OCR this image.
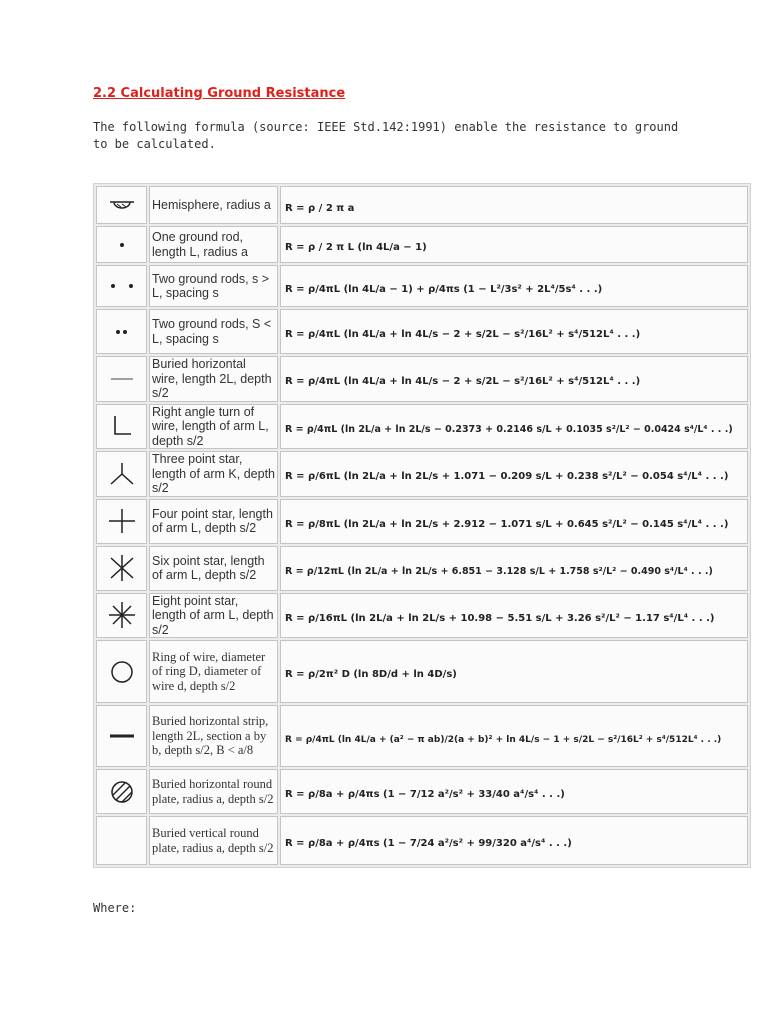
2.2 Calculating Ground Resistance

The following formula (source: IEEE Std.142:1991) enable the resistance to ground to be calculated.

	Hemisphere, radius a	R = ρ / 2 π a

	One ground rod, length L, radius a	R = ρ / 2 π L (ln 4L/a − 1)

	Two ground rods, s > L, spacing s	R = ρ/4πL (ln 4L/a − 1) + ρ/4πs (1 − L²/3s² + 2L⁴/5s⁴ . . .)

	Two ground rods, S < L, spacing s	R = ρ/4πL (ln 4L/a + ln 4L/s − 2 + s/2L − s²/16L² + s⁴/512L⁴ . . .)

	Buried horizontal wire, length 2L, depth s/2	R = ρ/4πL (ln 4L/a + ln 4L/s − 2 + s/2L − s²/16L² + s⁴/512L⁴ . . .)

	Right angle turn of wire, length of arm L, depth s/2	R = ρ/4πL (ln 2L/a + ln 2L/s − 0.2373 + 0.2146 s/L + 0.1035 s²/L² − 0.0424 s⁴/L⁴ . . .)

	Three point star, length of arm K, depth s/2	R = ρ/6πL (ln 2L/a + ln 2L/s + 1.071 − 0.209 s/L + 0.238 s²/L² − 0.054 s⁴/L⁴ . . .)

	Four point star, length of arm L, depth s/2	R = ρ/8πL (ln 2L/a + ln 2L/s + 2.912 − 1.071 s/L + 0.645 s²/L² − 0.145 s⁴/L⁴ . . .)

	Six point star, length of arm L, depth s/2	R = ρ/12πL (ln 2L/a + ln 2L/s + 6.851 − 3.128 s/L + 1.758 s²/L² − 0.490 s⁴/L⁴ . . .)

	Eight point star, length of arm L, depth s/2	R = ρ/16πL (ln 2L/a + ln 2L/s + 10.98 − 5.51 s/L + 3.26 s²/L² − 1.17 s⁴/L⁴ . . .)

	Ring of wire, diameter of ring D, diameter of wire d, depth s/2	R = ρ/2π² D (ln 8D/d + ln 4D/s)

	Buried horizontal strip, length 2L, section a by b, depth s/2, B < a/8	R = ρ/4πL (ln 4L/a + (a² − π ab)/2(a + b)² + ln 4L/s − 1 + s/2L − s²/16L² + s⁴/512L⁴ . . .)

	Buried horizontal round plate, radius a, depth s/2	R = ρ/8a + ρ/4πs (1 − 7/12 a²/s² + 33/40 a⁴/s⁴ . . .)

	Buried vertical round plate, radius a, depth s/2	R = ρ/8a + ρ/4πs (1 − 7/24 a²/s² + 99/320 a⁴/s⁴ . . .)

Where:
